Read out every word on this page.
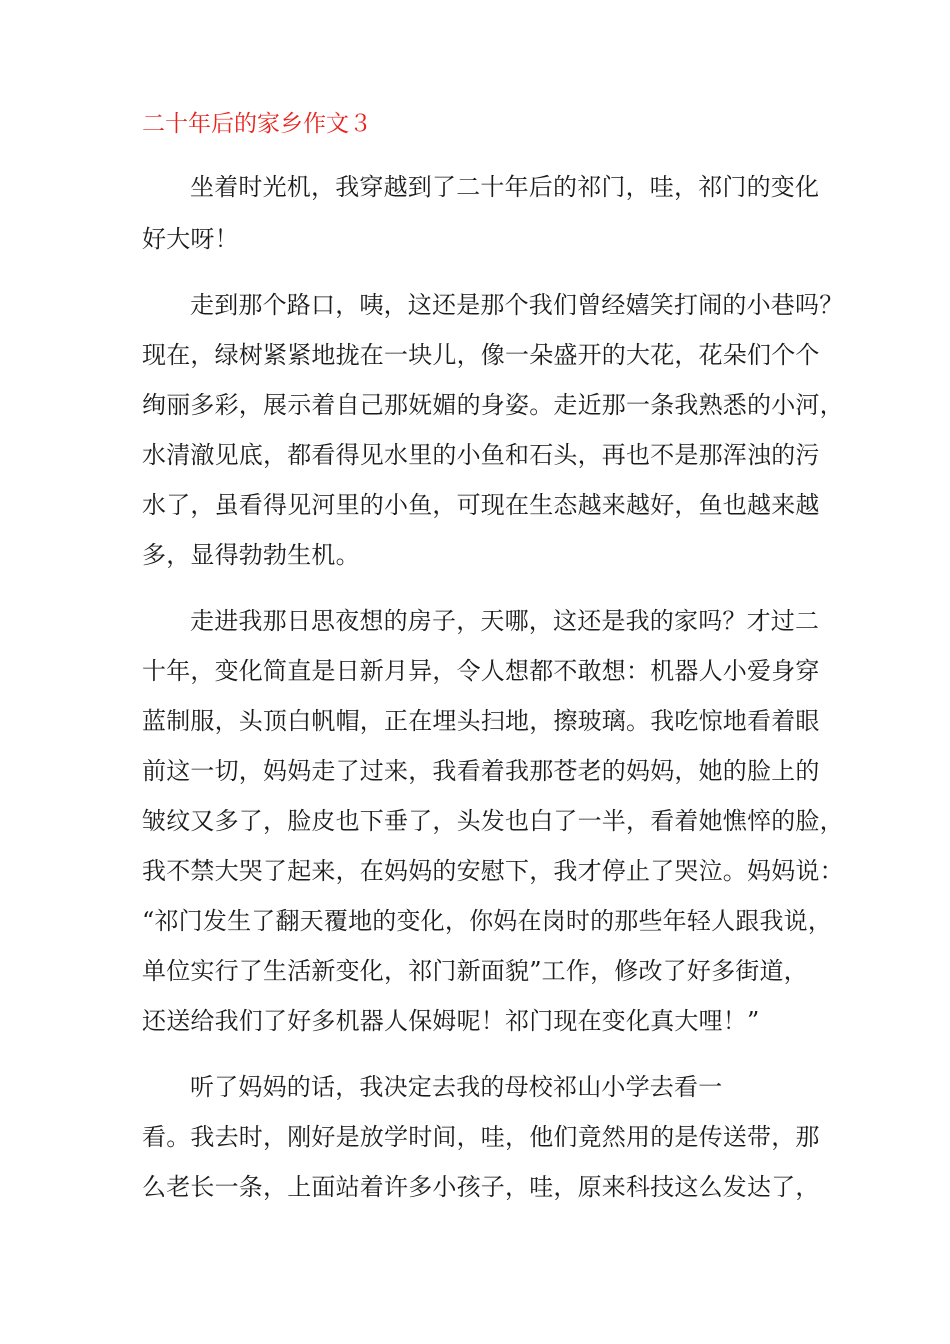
二十年后的家乡作文３
坐着时光机，我穿越到了二十年后的祁门，哇，祁门的变化
好大呀！
走到那个路口，咦，这还是那个我们曾经嬉笑打闹的小巷吗？
现在，绿树紧紧地拢在一块儿，像一朵盛开的大花，花朵们个个
绚丽多彩，展示着自己那妩媚的身姿。走近那一条我熟悉的小河，
水清澈见底，都看得见水里的小鱼和石头，再也不是那浑浊的污
水了，虽看得见河里的小鱼，可现在生态越来越好，鱼也越来越
多，显得勃勃生机。
走进我那日思夜想的房子，天哪，这还是我的家吗？才过二
十年，变化简直是日新月异，令人想都不敢想：机器人小爱身穿
蓝制服，头顶白帆帽，正在埋头扫地，擦玻璃。我吃惊地看着眼
前这一切，妈妈走了过来，我看着我那苍老的妈妈，她的脸上的
皱纹又多了，脸皮也下垂了，头发也白了一半，看着她憔悴的脸，
我不禁大哭了起来，在妈妈的安慰下，我才停止了哭泣。妈妈说：
“祁门发生了翻天覆地的变化，你妈在岗时的那些年轻人跟我说，
单位实行了生活新变化，祁门新面貌”工作，修改了好多街道，
还送给我们了好多机器人保姆呢！祁门现在变化真大哩！”
听了妈妈的话，我决定去我的母校祁山小学去看一
看。我去时，刚好是放学时间，哇，他们竟然用的是传送带，那
么老长一条，上面站着许多小孩子，哇，原来科技这么发达了，
